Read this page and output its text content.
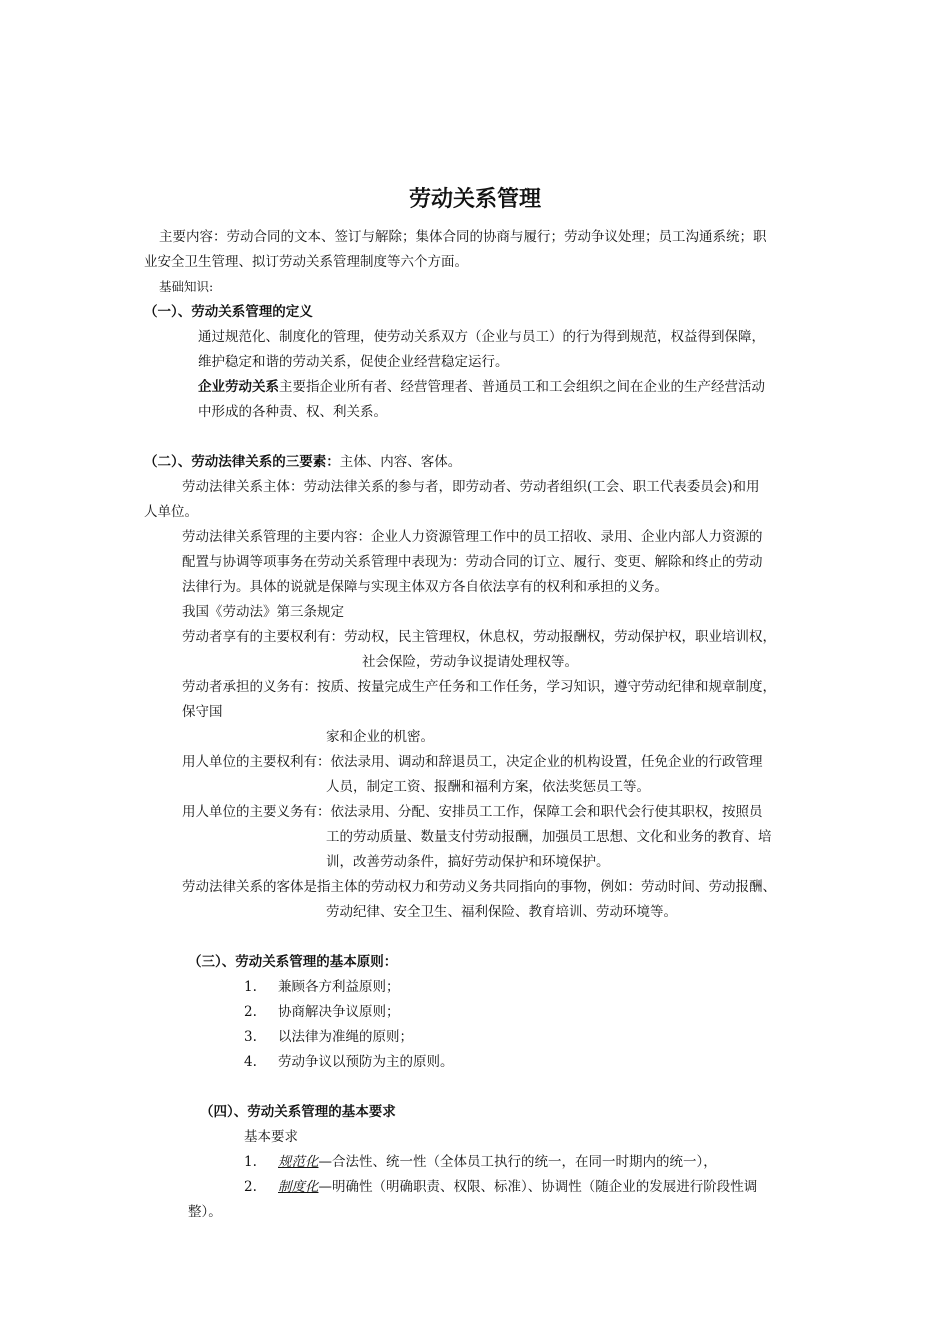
劳动关系管理
主要内容：劳动合同的文本、签订与解除；集体合同的协商与履行；劳动争议处理；员工沟通系统；职
业安全卫生管理、拟订劳动关系管理制度等六个方面。
基础知识:
（一）、劳动关系管理的定义
通过规范化、制度化的管理，使劳动关系双方（企业与员工）的行为得到规范，权益得到保障，
维护稳定和谐的劳动关系，促使企业经营稳定运行。
企业劳动关系主要指企业所有者、经营管理者、普通员工和工会组织之间在企业的生产经营活动
中形成的各种责、权、利关系。
（二）、劳动法律关系的三要素：主体、内容、客体。
劳动法律关系主体：劳动法律关系的参与者，即劳动者、劳动者组织(工会、职工代表委员会)和用
人单位。
劳动法律关系管理的主要内容：企业人力资源管理工作中的员工招收、录用、企业内部人力资源的
配置与协调等项事务在劳动关系管理中表现为：劳动合同的订立、履行、变更、解除和终止的劳动
法律行为。具体的说就是保障与实现主体双方各自依法享有的权利和承担的义务。
我国《劳动法》第三条规定
劳动者享有的主要权利有：劳动权，民主管理权，休息权，劳动报酬权，劳动保护权，职业培训权，
社会保险，劳动争议提请处理权等。
劳动者承担的义务有：按质、按量完成生产任务和工作任务，学习知识，遵守劳动纪律和规章制度，
保守国
家和企业的机密。
用人单位的主要权利有：依法录用、调动和辞退员工，决定企业的机构设置，任免企业的行政管理
人员，制定工资、报酬和福利方案，依法奖惩员工等。
用人单位的主要义务有：依法录用、分配、安排员工工作，保障工会和职代会行使其职权，按照员
工的劳动质量、数量支付劳动报酬，加强员工思想、文化和业务的教育、培
训，改善劳动条件，搞好劳动保护和环境保护。
劳动法律关系的客体是指主体的劳动权力和劳动义务共同指向的事物，例如：劳动时间、劳动报酬、
劳动纪律、安全卫生、福利保险、教育培训、劳动环境等。
（三）、劳动关系管理的基本原则：
1. 兼顾各方利益原则；
2. 协商解决争议原则；
3. 以法律为准绳的原则；
4. 劳动争议以预防为主的原则。
（四）、劳动关系管理的基本要求
基本要求
1. 规范化—合法性、统一性（全体员工执行的统一，在同一时期内的统一），
2. 制度化—明确性（明确职责、权限、标准）、协调性（随企业的发展进行阶段性调
整）。
